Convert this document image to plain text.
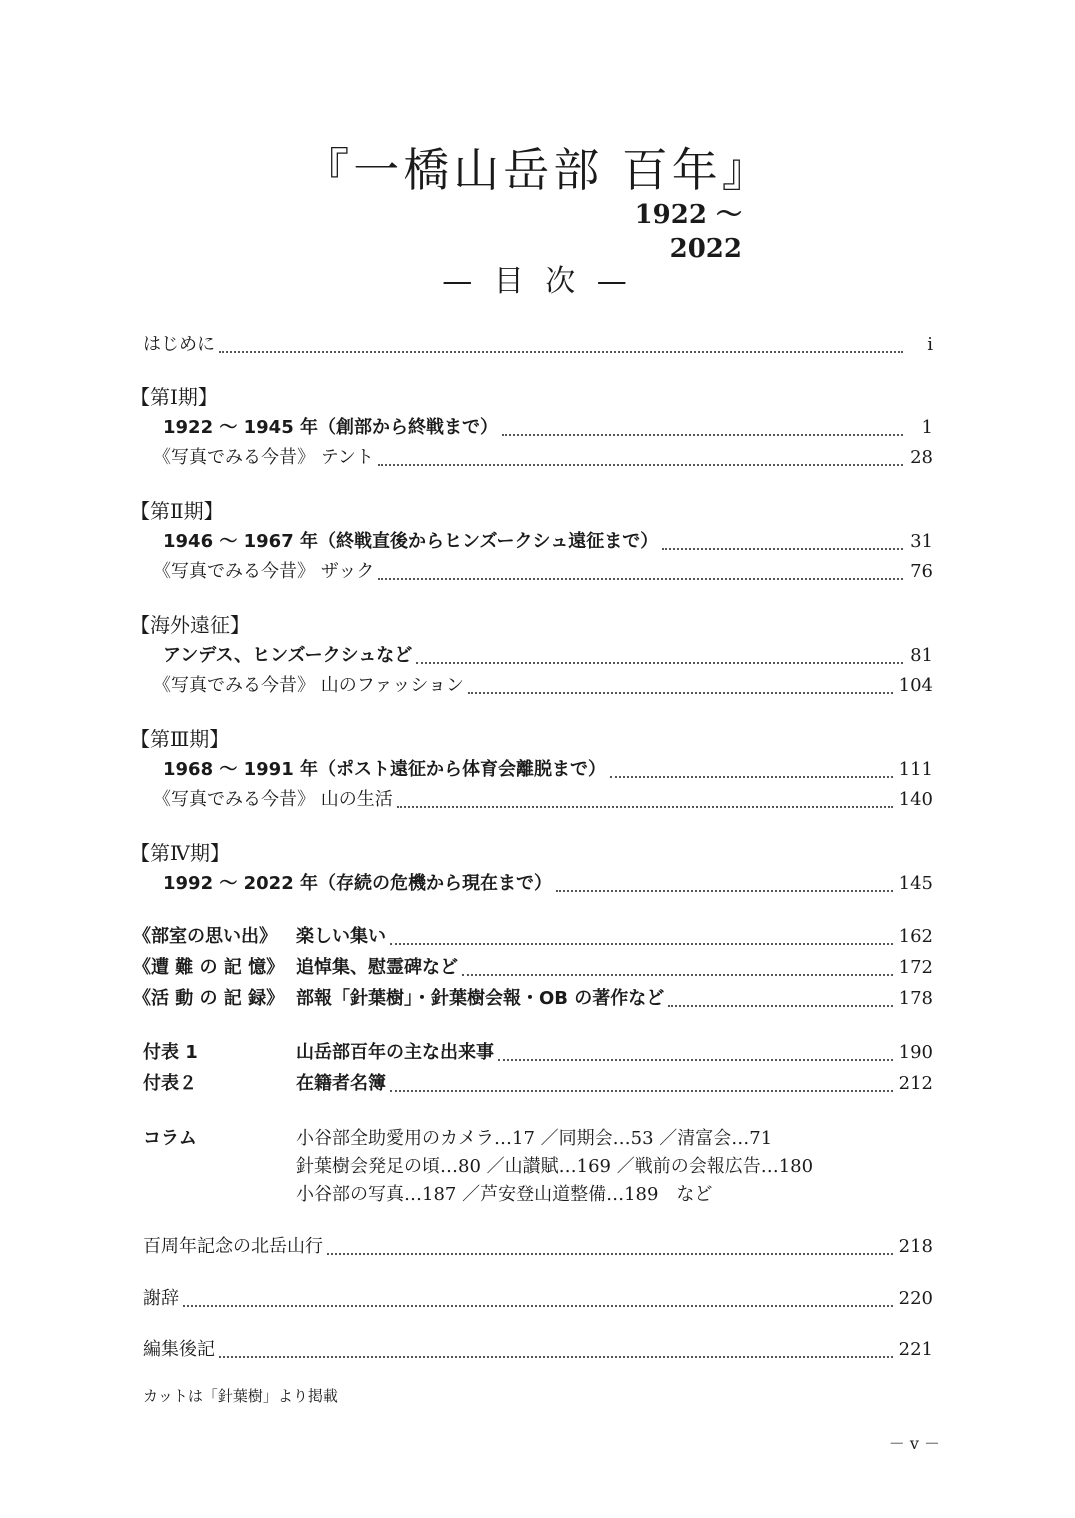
『一橋山岳部 百年』
1922 ～ 2022
— 目 次 —
はじめに	i
【第Ⅰ期】
1922 ～ 1945 年（創部から終戦まで）	1
《写真でみる今昔》 テント	28
【第Ⅱ期】
1946 ～ 1967 年（終戦直後からヒンズークシュ遠征まで）	31
《写真でみる今昔》 ザック	76
【海外遠征】
アンデス、ヒンズークシュなど	81
《写真でみる今昔》 山のファッション	104
【第Ⅲ期】
1968 ～ 1991 年（ポスト遠征から体育会離脱まで）	111
《写真でみる今昔》 山の生活	140
【第Ⅳ期】
1992 ～ 2022 年（存続の危機から現在まで）	145
《部室の思い出》 楽しい集い	162
《遭 難 の 記 憶》 追悼集、慰霊碑など	172
《活 動 の 記 録》 部報「針葉樹」・針葉樹会報・OB の著作など	178
付表 1	山岳部百年の主な出来事	190
付表２	在籍者名簿	212
コラム	小谷部全助愛用のカメラ…17 ／同期会…53 ／清富会…71
針葉樹会発足の頃…80 ／山讃賦…169 ／戦前の会報広告…180
小谷部の写真…187 ／芦安登山道整備…189　など
百周年記念の北岳山行	218
謝辞	220
編集後記	221
カットは「針葉樹」より掲載
－ v －
